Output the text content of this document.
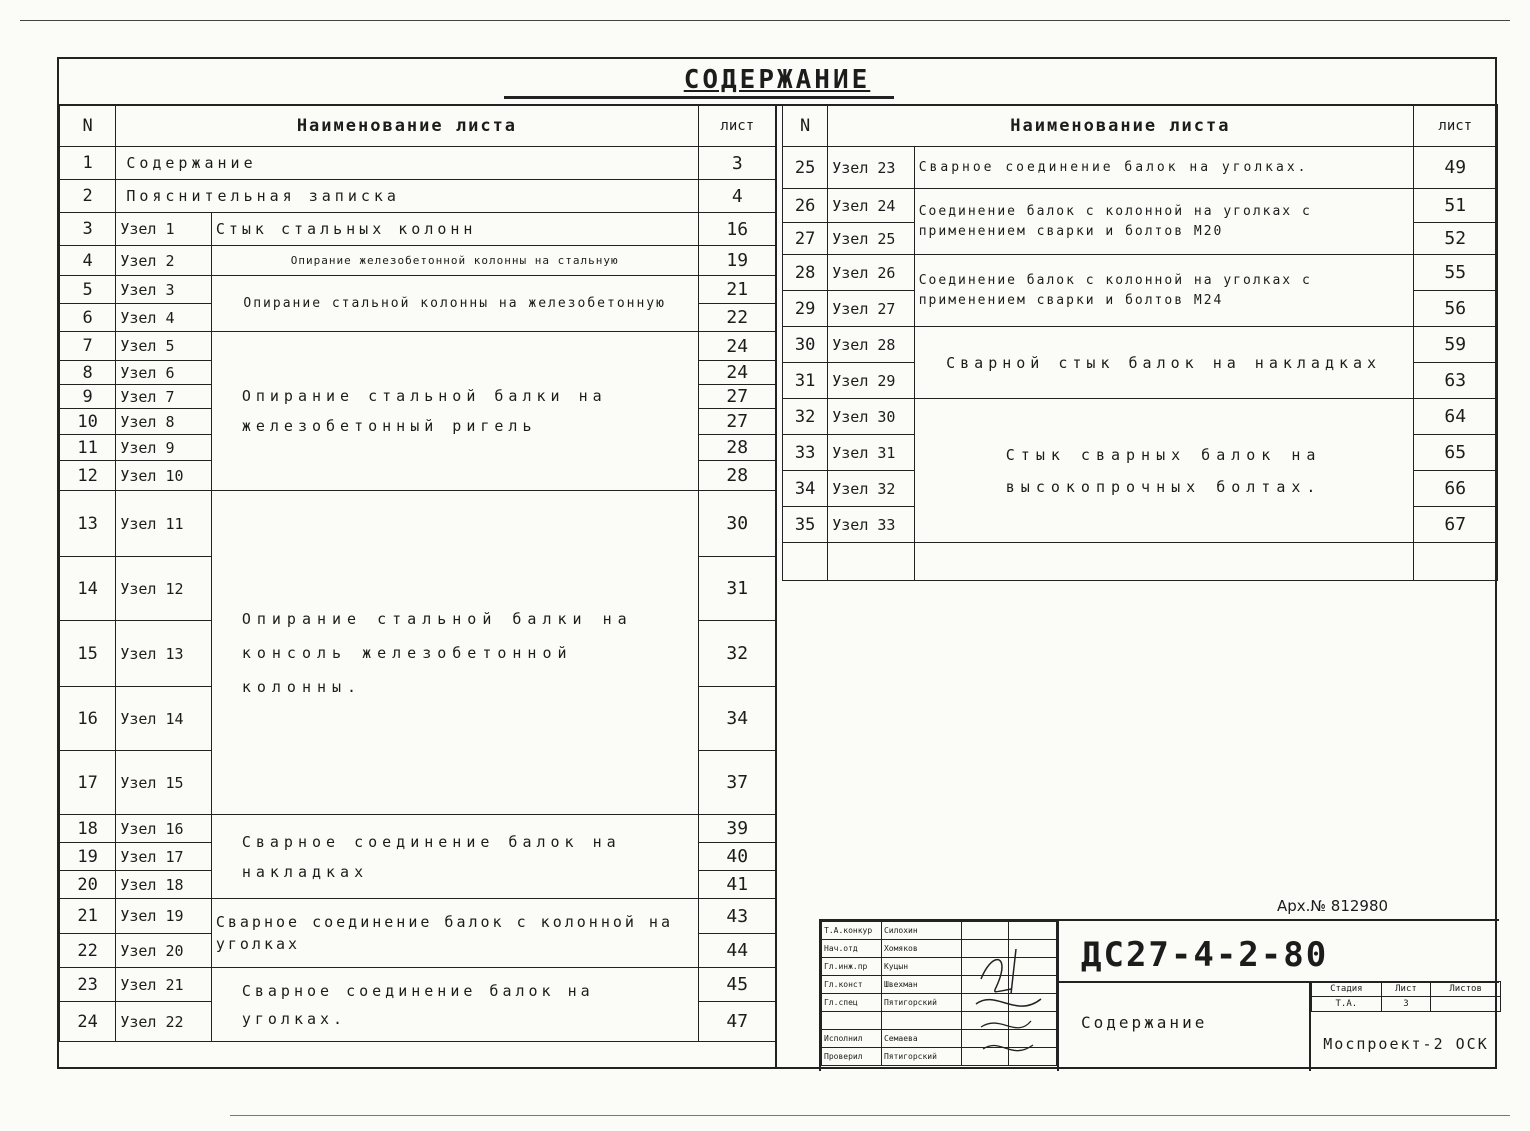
СОДЕРЖАНИЕ
N	Наименование листа		лист
1	Содержание		3
2	Пояснительная записка		4
3	Узел 1	Стык стальных колонн	16
4	Узел 2	Опирание железобетонной колонны на стальную	19
5	Узел 3	Опирание стальной колонны на железобетонную	21
6	Узел 4		22
7	Узел 5	Опирание стальной балки на железобетонный ригель	24
8	Узел 6		24
9	Узел 7		27
10	Узел 8		27
11	Узел 9		28
12	Узел 10		28
13	Узел 11	Опирание стальной балки на консоль железобетонной колонны.	30
14	Узел 12		31
15	Узел 13		32
16	Узел 14		34
17	Узел 15		37
18	Узел 16	Сварное соединение балок на накладках	39
19	Узел 17		40
20	Узел 18		41
21	Узел 19	Сварное соединение балок с колонной на уголках	43
22	Узел 20		44
23	Узел 21	Сварное соединение балок на уголках.	45
24	Узел 22		47
N	Наименование листа		лист
25	Узел 23	Сварное соединение балок на уголках.	49
26	Узел 24	Соединение балок с колонной на уголках с применением сварки и болтов М20	51
27	Узел 25		52
28	Узел 26	Соединение балок с колонной на уголках с применением сварки и болтов М24	55
29	Узел 27		56
30	Узел 28	Сварной стык балок на накладках	59
31	Узел 29		63
32	Узел 30	Стык сварных балок на высокопрочных болтах.	64
33	Узел 31		65
34	Узел 32		66
35	Узел 33		67

Арх.№ 812980
Т.А.конкур	Силохин		
Нач.отд	Хомяков		
Гл.инж.пр	Куцын		
Гл.конст	Швехман		
Гл.спец	Пятигорский		

Исполнил	Семаева		
Проверил	Пятигорский		
ДС27-4-2-80
Содержание
Стадия	Лист	Листов
Т.А.	3	
Моспроект-2 ОСК
